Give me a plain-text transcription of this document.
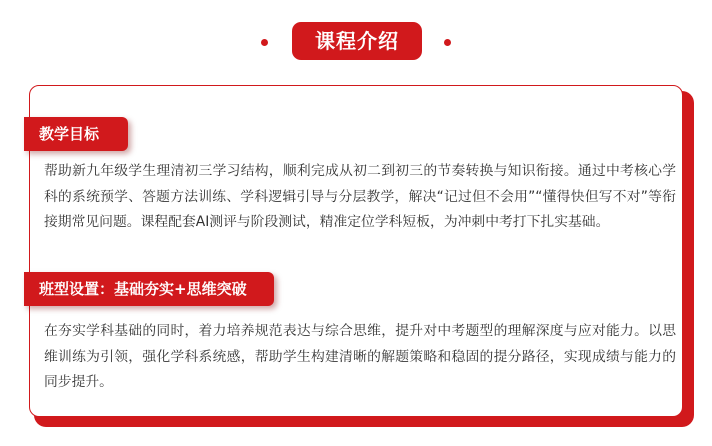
课程介绍
教学目标

帮助新九年级学生理清初三学习结构，顺利完成从初二到初三的节奏转换与知识衔接。通过中考核心学科的系统预学、答题方法训练、学科逻辑引导与分层教学，解决“记过但不会用”“懂得快但写不对”等衔接期常见问题。课程配套AI测评与阶段测试，精准定位学科短板，为冲刺中考打下扎实基础。

班型设置：基础夯实+思维突破

在夯实学科基础的同时，着力培养规范表达与综合思维，提升对中考题型的理解深度与应对能力。以思维训练为引领，强化学科系统感，帮助学生构建清晰的解题策略和稳固的提分路径，实现成绩与能力的同步提升。
